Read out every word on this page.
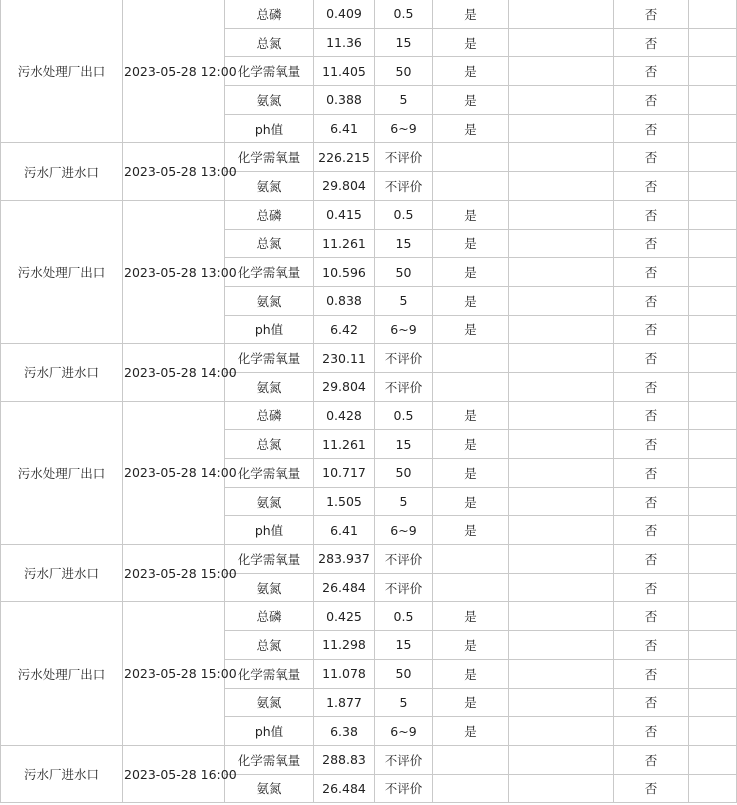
污水处理厂出口	2023-05-28 12:00	总磷	0.409	0.5	是		否	
		总氮	11.36	15	是		否	
		化学需氧量	11.405	50	是		否	
		氨氮	0.388	5	是		否	
		ph值	6.41	6~9	是		否	
污水厂进水口	2023-05-28 13:00	化学需氧量	226.215	不评价			否	
		氨氮	29.804	不评价			否	
污水处理厂出口	2023-05-28 13:00	总磷	0.415	0.5	是		否	
		总氮	11.261	15	是		否	
		化学需氧量	10.596	50	是		否	
		氨氮	0.838	5	是		否	
		ph值	6.42	6~9	是		否	
污水厂进水口	2023-05-28 14:00	化学需氧量	230.11	不评价			否	
		氨氮	29.804	不评价			否	
污水处理厂出口	2023-05-28 14:00	总磷	0.428	0.5	是		否	
		总氮	11.261	15	是		否	
		化学需氧量	10.717	50	是		否	
		氨氮	1.505	5	是		否	
		ph值	6.41	6~9	是		否	
污水厂进水口	2023-05-28 15:00	化学需氧量	283.937	不评价			否	
		氨氮	26.484	不评价			否	
污水处理厂出口	2023-05-28 15:00	总磷	0.425	0.5	是		否	
		总氮	11.298	15	是		否	
		化学需氧量	11.078	50	是		否	
		氨氮	1.877	5	是		否	
		ph值	6.38	6~9	是		否	
污水厂进水口	2023-05-28 16:00	化学需氧量	288.83	不评价			否	
		氨氮	26.484	不评价			否	
